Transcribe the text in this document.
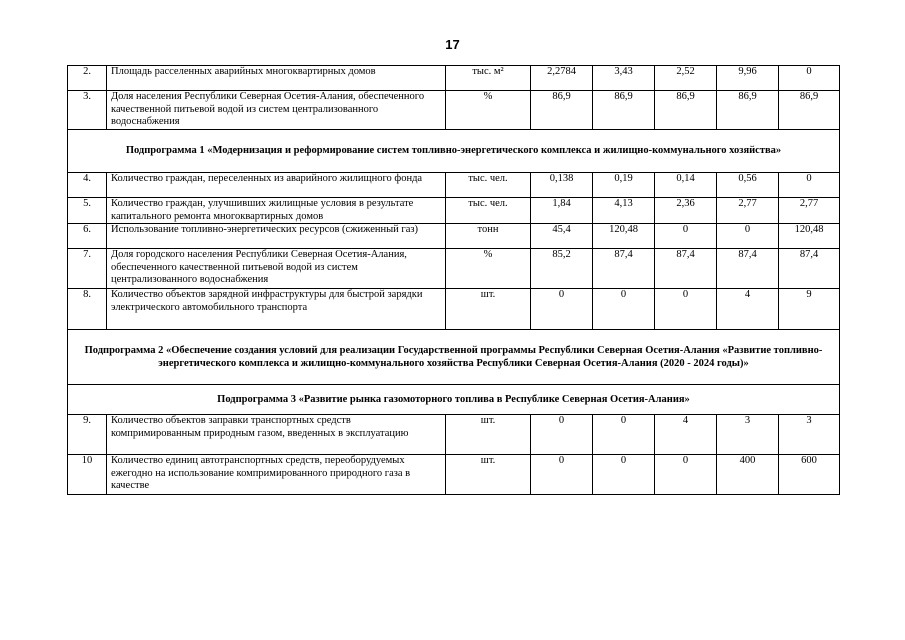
17
2.	Площадь расселенных аварийных многоквартирных домов	тыс. м²	2,2784	3,43	2,52	9,96	0
3.	Доля населения Республики Северная Осетия-Алания, обеспеченного качественной питьевой водой из систем централизованного водоснабжения	%	86,9	86,9	86,9	86,9	86,9
Подпрограмма 1 «Модернизация и реформирование систем топливно-энергетического комплекса и жилищно-коммунального хозяйства»							
4.	Количество граждан, переселенных из аварийного жилищного фонда	тыс. чел.	0,138	0,19	0,14	0,56	0
5.	Количество граждан, улучшивших жилищные условия в результате капитального ремонта многоквартирных домов	тыс. чел.	1,84	4,13	2,36	2,77	2,77
6.	Использование топливно-энергетических ресурсов (сжиженный газ)	тонн	45,4	120,48	0	0	120,48
7.	Доля городского населения Республики Северная Осетия-Алания, обеспеченного качественной питьевой водой из систем централизованного водоснабжения	%	85,2	87,4	87,4	87,4	87,4
8.	Количество объектов зарядной инфраструктуры для быстрой зарядки электрического автомобильного транспорта	шт.	0	0	0	4	9
Подпрограмма 2 «Обеспечение создания условий для реализации Государственной программы Республики Северная Осетия-Алания «Развитие топливно-энергетического комплекса и жилищно-коммунального хозяйства Республики Северная Осетия-Алания (2020 - 2024 годы)»							
Подпрограмма 3 «Развитие рынка газомоторного топлива в Республике Северная Осетия-Алания»							
9.	Количество объектов заправки транспортных средств компримированным природным газом, введенных в эксплуатацию	шт.	0	0	4	3	3
10	Количество единиц автотранспортных средств, переоборудуемых ежегодно на использование компримированного природного газа в качестве	шт.	0	0	0	400	600
